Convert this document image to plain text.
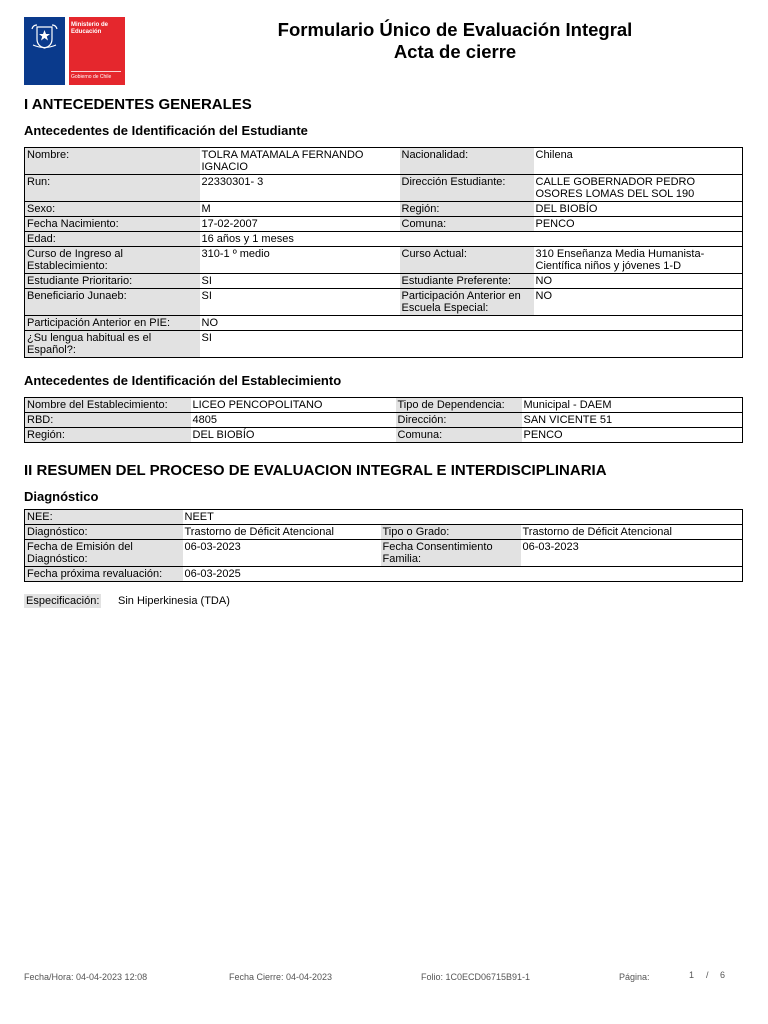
Ministerio de
Educación
Gobierno de Chile
Formulario Único de Evaluación Integral
Acta de cierre
I ANTECEDENTES GENERALES
Antecedentes de Identificación del Estudiante
Nombre:	TOLRA MATAMALA FERNANDO IGNACIO	Nacionalidad:	Chilena
Run:	22330301- 3	Dirección Estudiante:	CALLE GOBERNADOR PEDRO OSORES LOMAS DEL SOL 190
Sexo:	M	Región:	DEL BIOBÍO
Fecha Nacimiento:	17-02-2007	Comuna:	PENCO
Edad:	16 años y 1 meses		
Curso de Ingreso al Establecimiento:	310-1 º medio	Curso Actual:	310 Enseñanza Media Humanista-Científica niños y jóvenes 1-D
Estudiante Prioritario:	SI	Estudiante Preferente:	NO
Beneficiario Junaeb:	SI	Participación Anterior en Escuela Especial:	NO
Participación Anterior en PIE:	NO		
¿Su lengua habitual es el Español?:	SI		
Antecedentes de Identificación del Establecimiento
Nombre del Establecimiento:	LICEO PENCOPOLITANO	Tipo de Dependencia:	Municipal - DAEM
RBD:	4805	Dirección:	SAN VICENTE 51
Región:	DEL BIOBÍO	Comuna:	PENCO
II RESUMEN DEL PROCESO DE EVALUACION INTEGRAL E INTERDISCIPLINARIA
Diagnóstico
NEE:	NEET		
Diagnóstico:	Trastorno de Déficit Atencional	Tipo o Grado:	Trastorno de Déficit Atencional
Fecha de Emisión del Diagnóstico:	06-03-2023	Fecha Consentimiento Familia:	06-03-2023
Fecha próxima revaluación:	06-03-2025		
Especificación: Sin Hiperkinesia (TDA)
Fecha/Hora: 04-04-2023 12:08	Fecha Cierre: 04-04-2023	Folio: 1C0ECD06715B91-1	Página:	1 / 6
